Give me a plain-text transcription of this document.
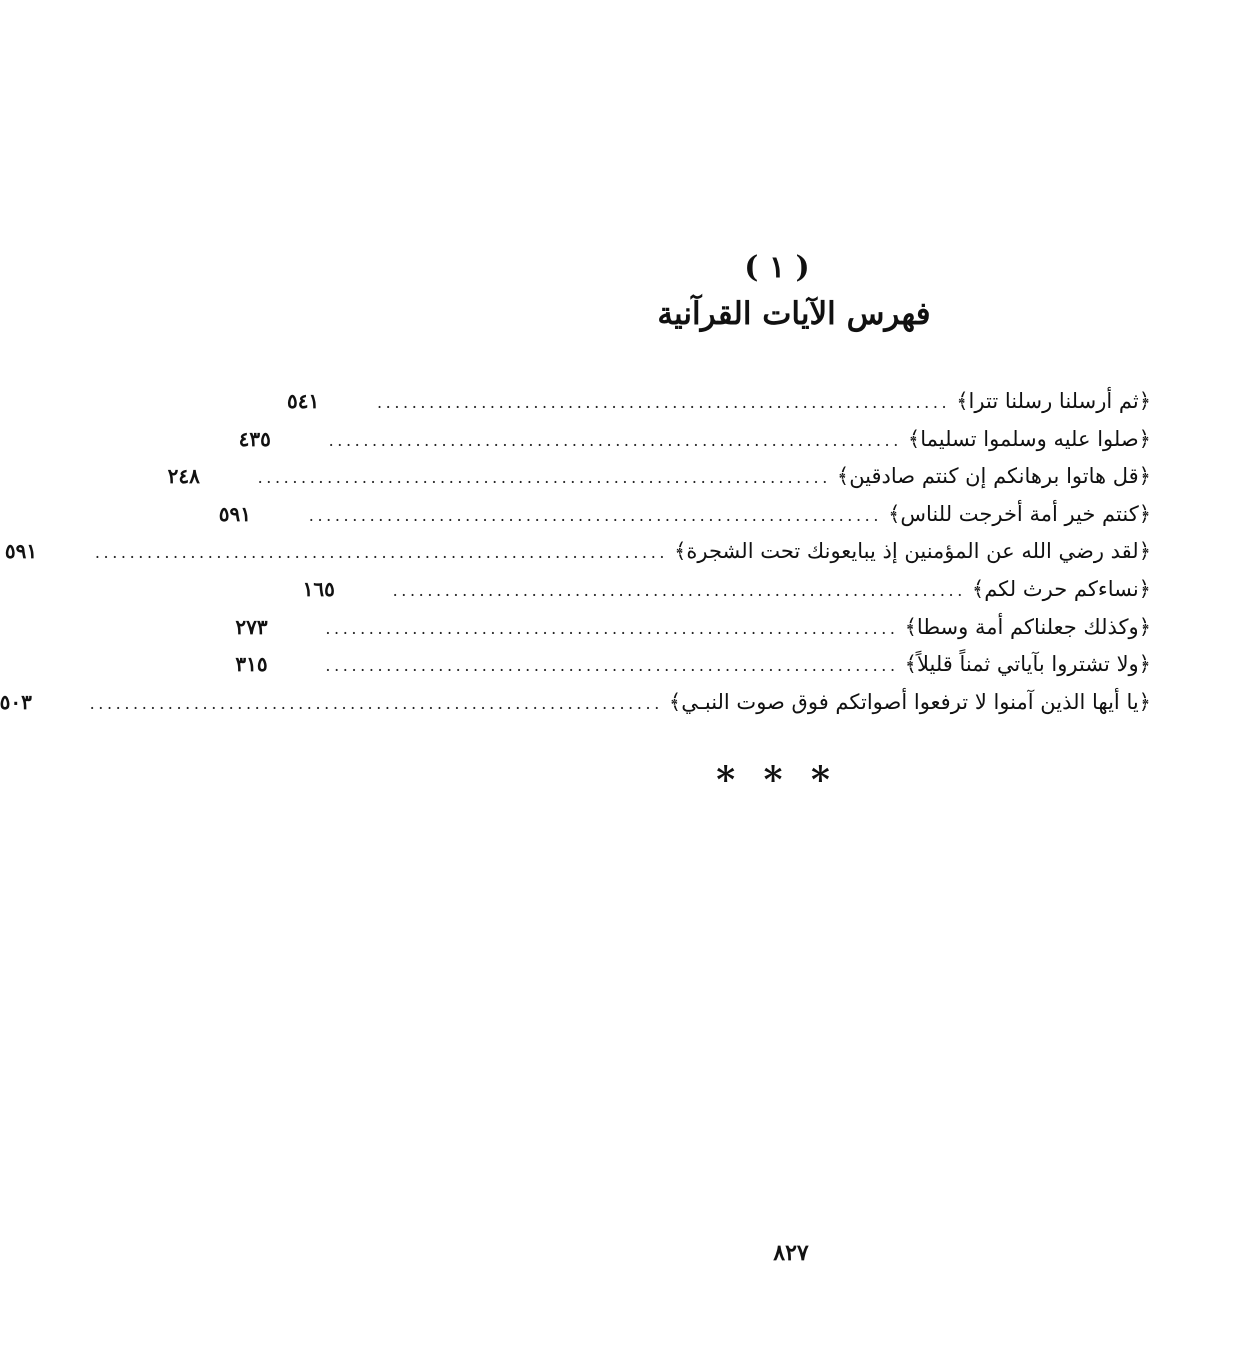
( ١ )
فهرس الآيات القرآنية
﴿ثم أرسلنا رسلنا تترا﴾
..................................................................
٥٤١
﴿صلوا عليه وسلموا تسليما﴾
..................................................................
٤٣٥
﴿قل هاتوا برهانكم إن كنتم صادقين﴾
..................................................................
٢٤٨
﴿كنتم خير أمة أخرجت للناس﴾
..................................................................
٥٩١
﴿لقد رضي الله عن المؤمنين إذ يبايعونك تحت الشجرة﴾
..................................................................
٥٩١
﴿نساءكم حرث لكم﴾
..................................................................
١٦٥
﴿وكذلك جعلناكم أمة وسطا﴾
..................................................................
٢٧٣
﴿ولا تشتروا بآياتي ثمناً قليلاً﴾
..................................................................
٣١٥
﴿يا أيها الذين آمنوا لا ترفعوا أصواتكم فوق صوت النبـي﴾
..................................................................
٥٠٣
* * *
٨٢٧
